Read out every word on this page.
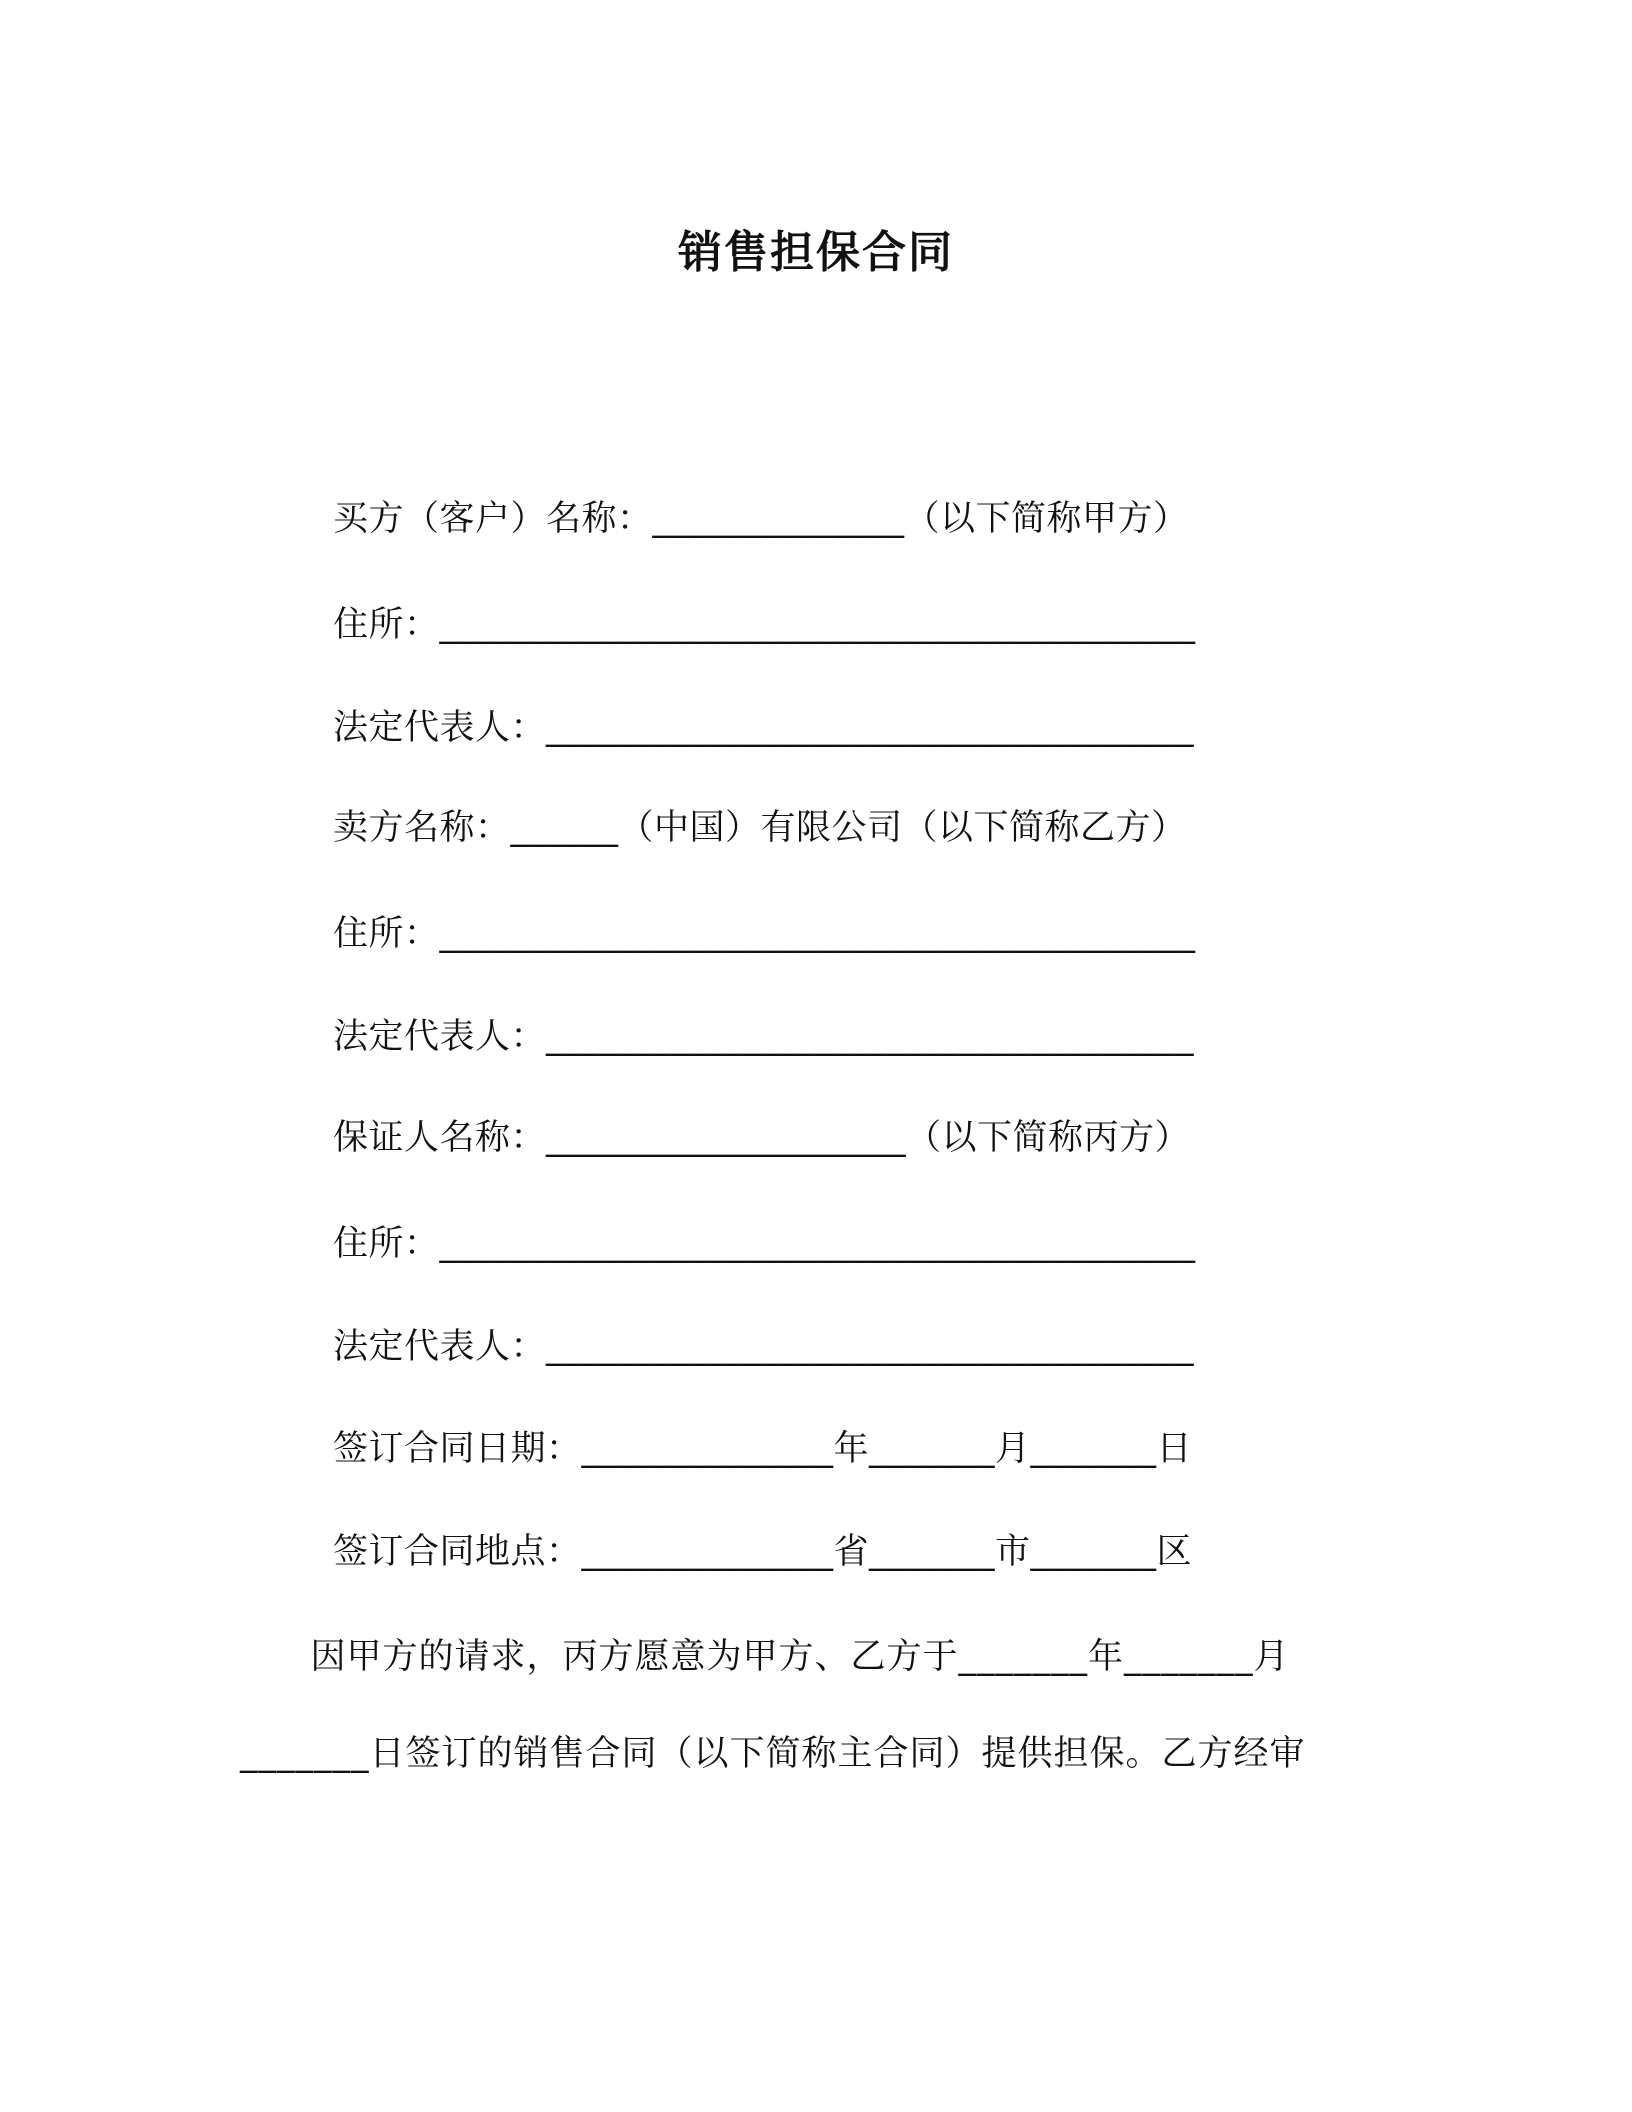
销售担保合同
买方（客户）名称：______________（以下简称甲方）
住所：__________________________________________
法定代表人：____________________________________
卖方名称：______（中国）有限公司（以下简称乙方）
住所：__________________________________________
法定代表人：____________________________________
保证人名称：____________________（以下简称丙方）
住所：__________________________________________
法定代表人：____________________________________
签订合同日期：______________年_______月_______日
签订合同地点：______________省_______市_______区
因甲方的请求，丙方愿意为甲方、乙方于_______年_______月
_______日签订的销售合同（以下简称主合同）提供担保。乙方经审
